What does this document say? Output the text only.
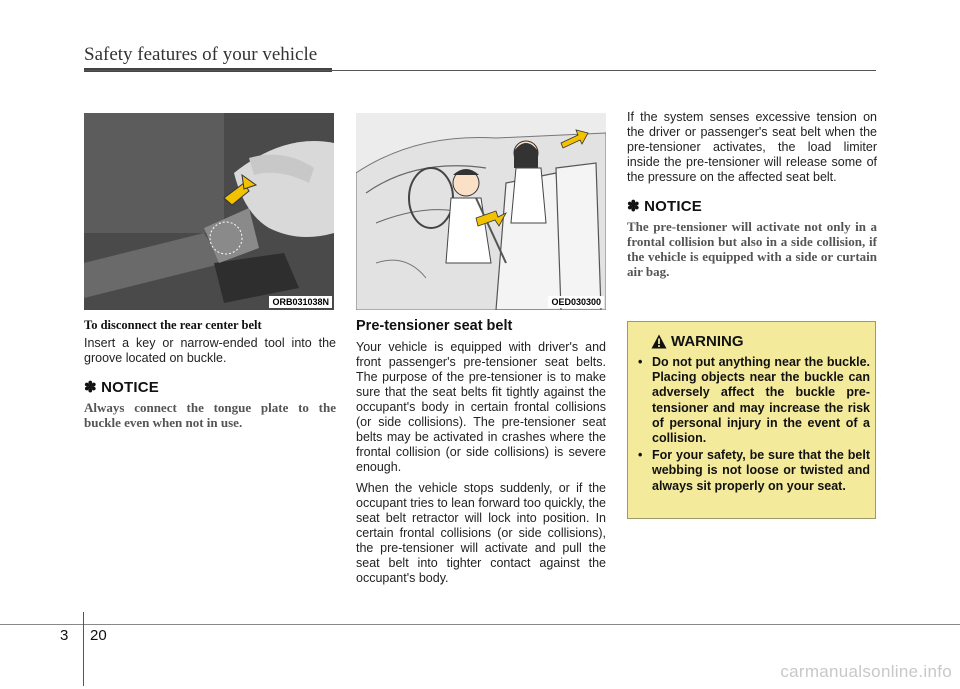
Safety features of your vehicle
ORB031038N	OED030300

To disconnect the rear center belt

Insert a key or narrow-ended tool into the groove located on buckle.

✽ NOTICE

Always connect the tongue plate to the buckle even when not in use.

Pre-tensioner seat belt

Your vehicle is equipped with driver's and front passenger's pre-tensioner seat belts. The purpose of the pre-tensioner is to make sure that the seat belts fit tightly against the occupant's body in certain frontal collisions (or side collisions). The pre-tensioner seat belts may be activated in crashes where the frontal collision (or side collisions) is severe enough.

When the vehicle stops suddenly, or if the occupant tries to lean forward too quickly, the seat belt retractor will lock into position. In certain frontal collisions (or side collisions), the pre-tensioner will activate and pull the seat belt into tighter contact against the occupant's body.

If the system senses excessive tension on the driver or passenger's seat belt when the pre-tensioner activates, the load limiter inside the pre-tensioner will release some of the pressure on the affected seat belt.

✽ NOTICE

The pre-tensioner will activate not only in a frontal collision but also in a side collision, if the vehicle is equipped with a side or curtain air bag.

WARNING
• Do not put anything near the buckle. Placing objects near the buckle can adversely affect the buckle pre-tensioner and may increase the risk of personal injury in the event of a collision.
• For your safety, be sure that the belt webbing is not loose or twisted and always sit properly on your seat.
3 20
carmanualsonline.info
